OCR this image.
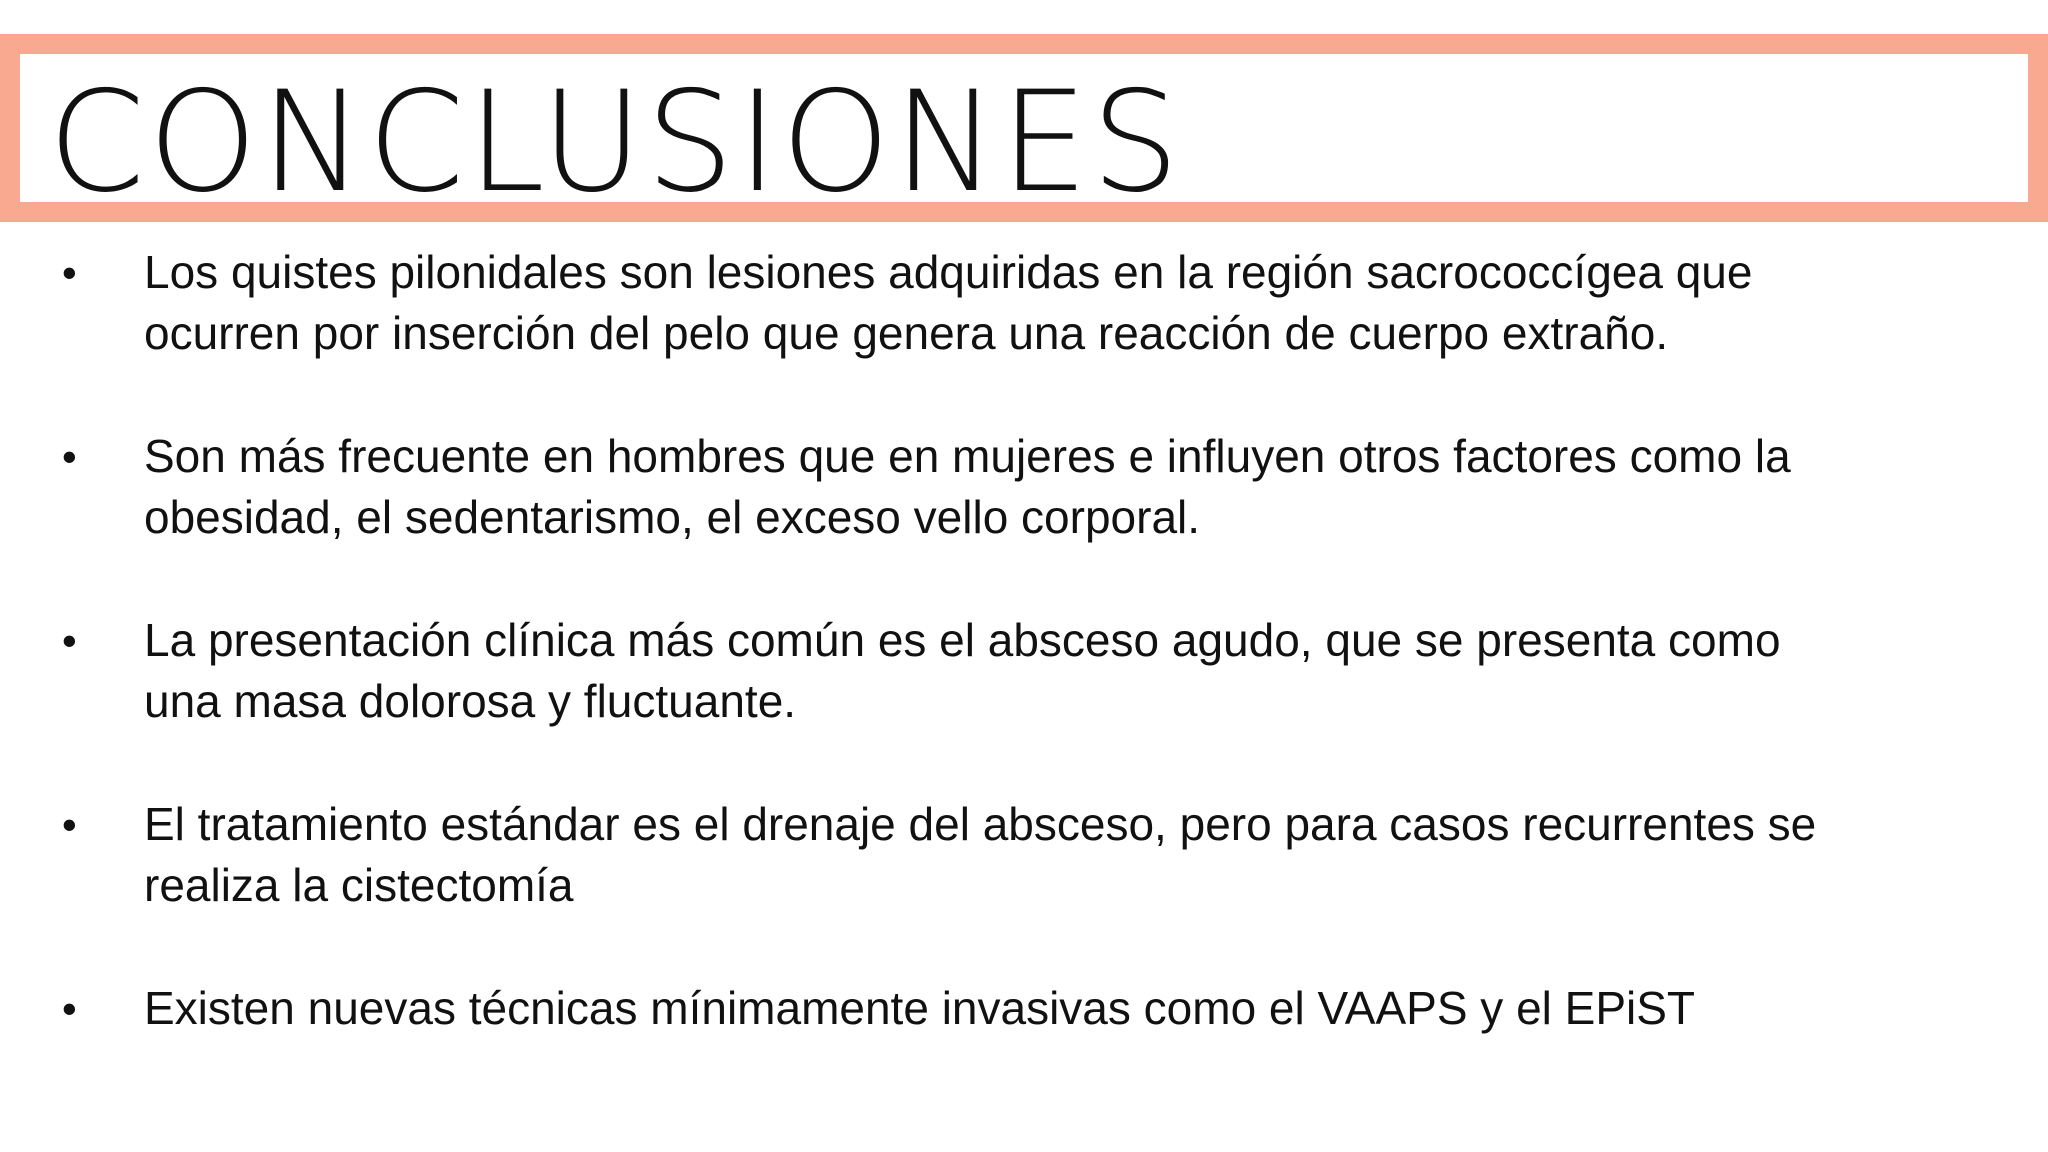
CONCLUSIONES
• Los quistes pilonidales son lesiones adquiridas en la región sacrococcígea que ocurren por inserción del pelo que genera una reacción de cuerpo extraño.
• Son más frecuente en hombres que en mujeres e influyen otros factores como la obesidad, el sedentarismo, el exceso vello corporal.
• La presentación clínica más común es el absceso agudo, que se presenta como una masa dolorosa y fluctuante.
• El tratamiento estándar es el drenaje del absceso, pero para casos recurrentes se realiza la cistectomía
• Existen nuevas técnicas mínimamente invasivas como el VAAPS y el EPiST
